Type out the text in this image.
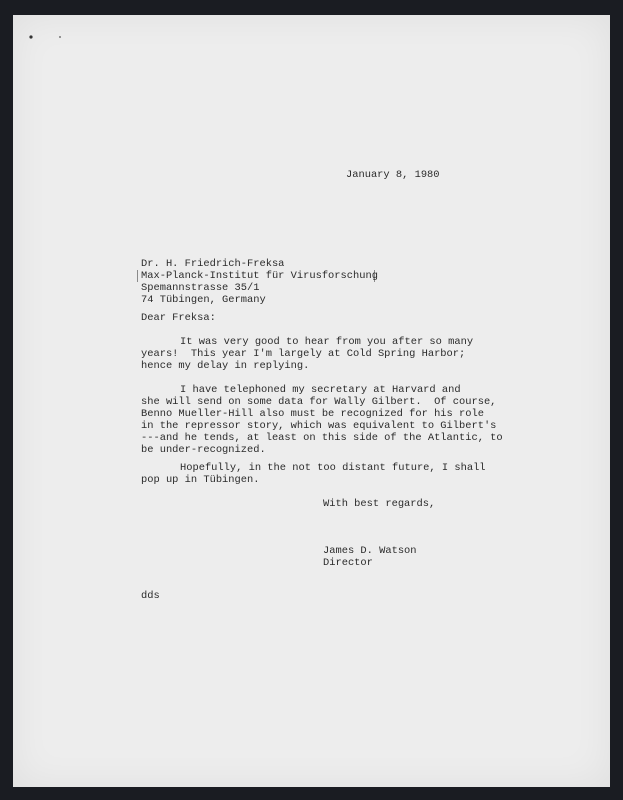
January 8, 1980
Dr. H. Friedrich-Freksa
Max-Planck-Institut für Virusforschung
Spemannstrasse 35/1
74 Tübingen, Germany
Dear Freksa:
It was very good to hear from you after so many
years!  This year I'm largely at Cold Spring Harbor;
hence my delay in replying.
I have telephoned my secretary at Harvard and
she will send on some data for Wally Gilbert.  Of course,
Benno Mueller-Hill also must be recognized for his role
in the repressor story, which was equivalent to Gilbert's
---and he tends, at least on this side of the Atlantic, to
be under-recognized.
Hopefully, in the not too distant future, I shall
pop up in Tübingen.
With best regards,
James D. Watson
Director
dds
